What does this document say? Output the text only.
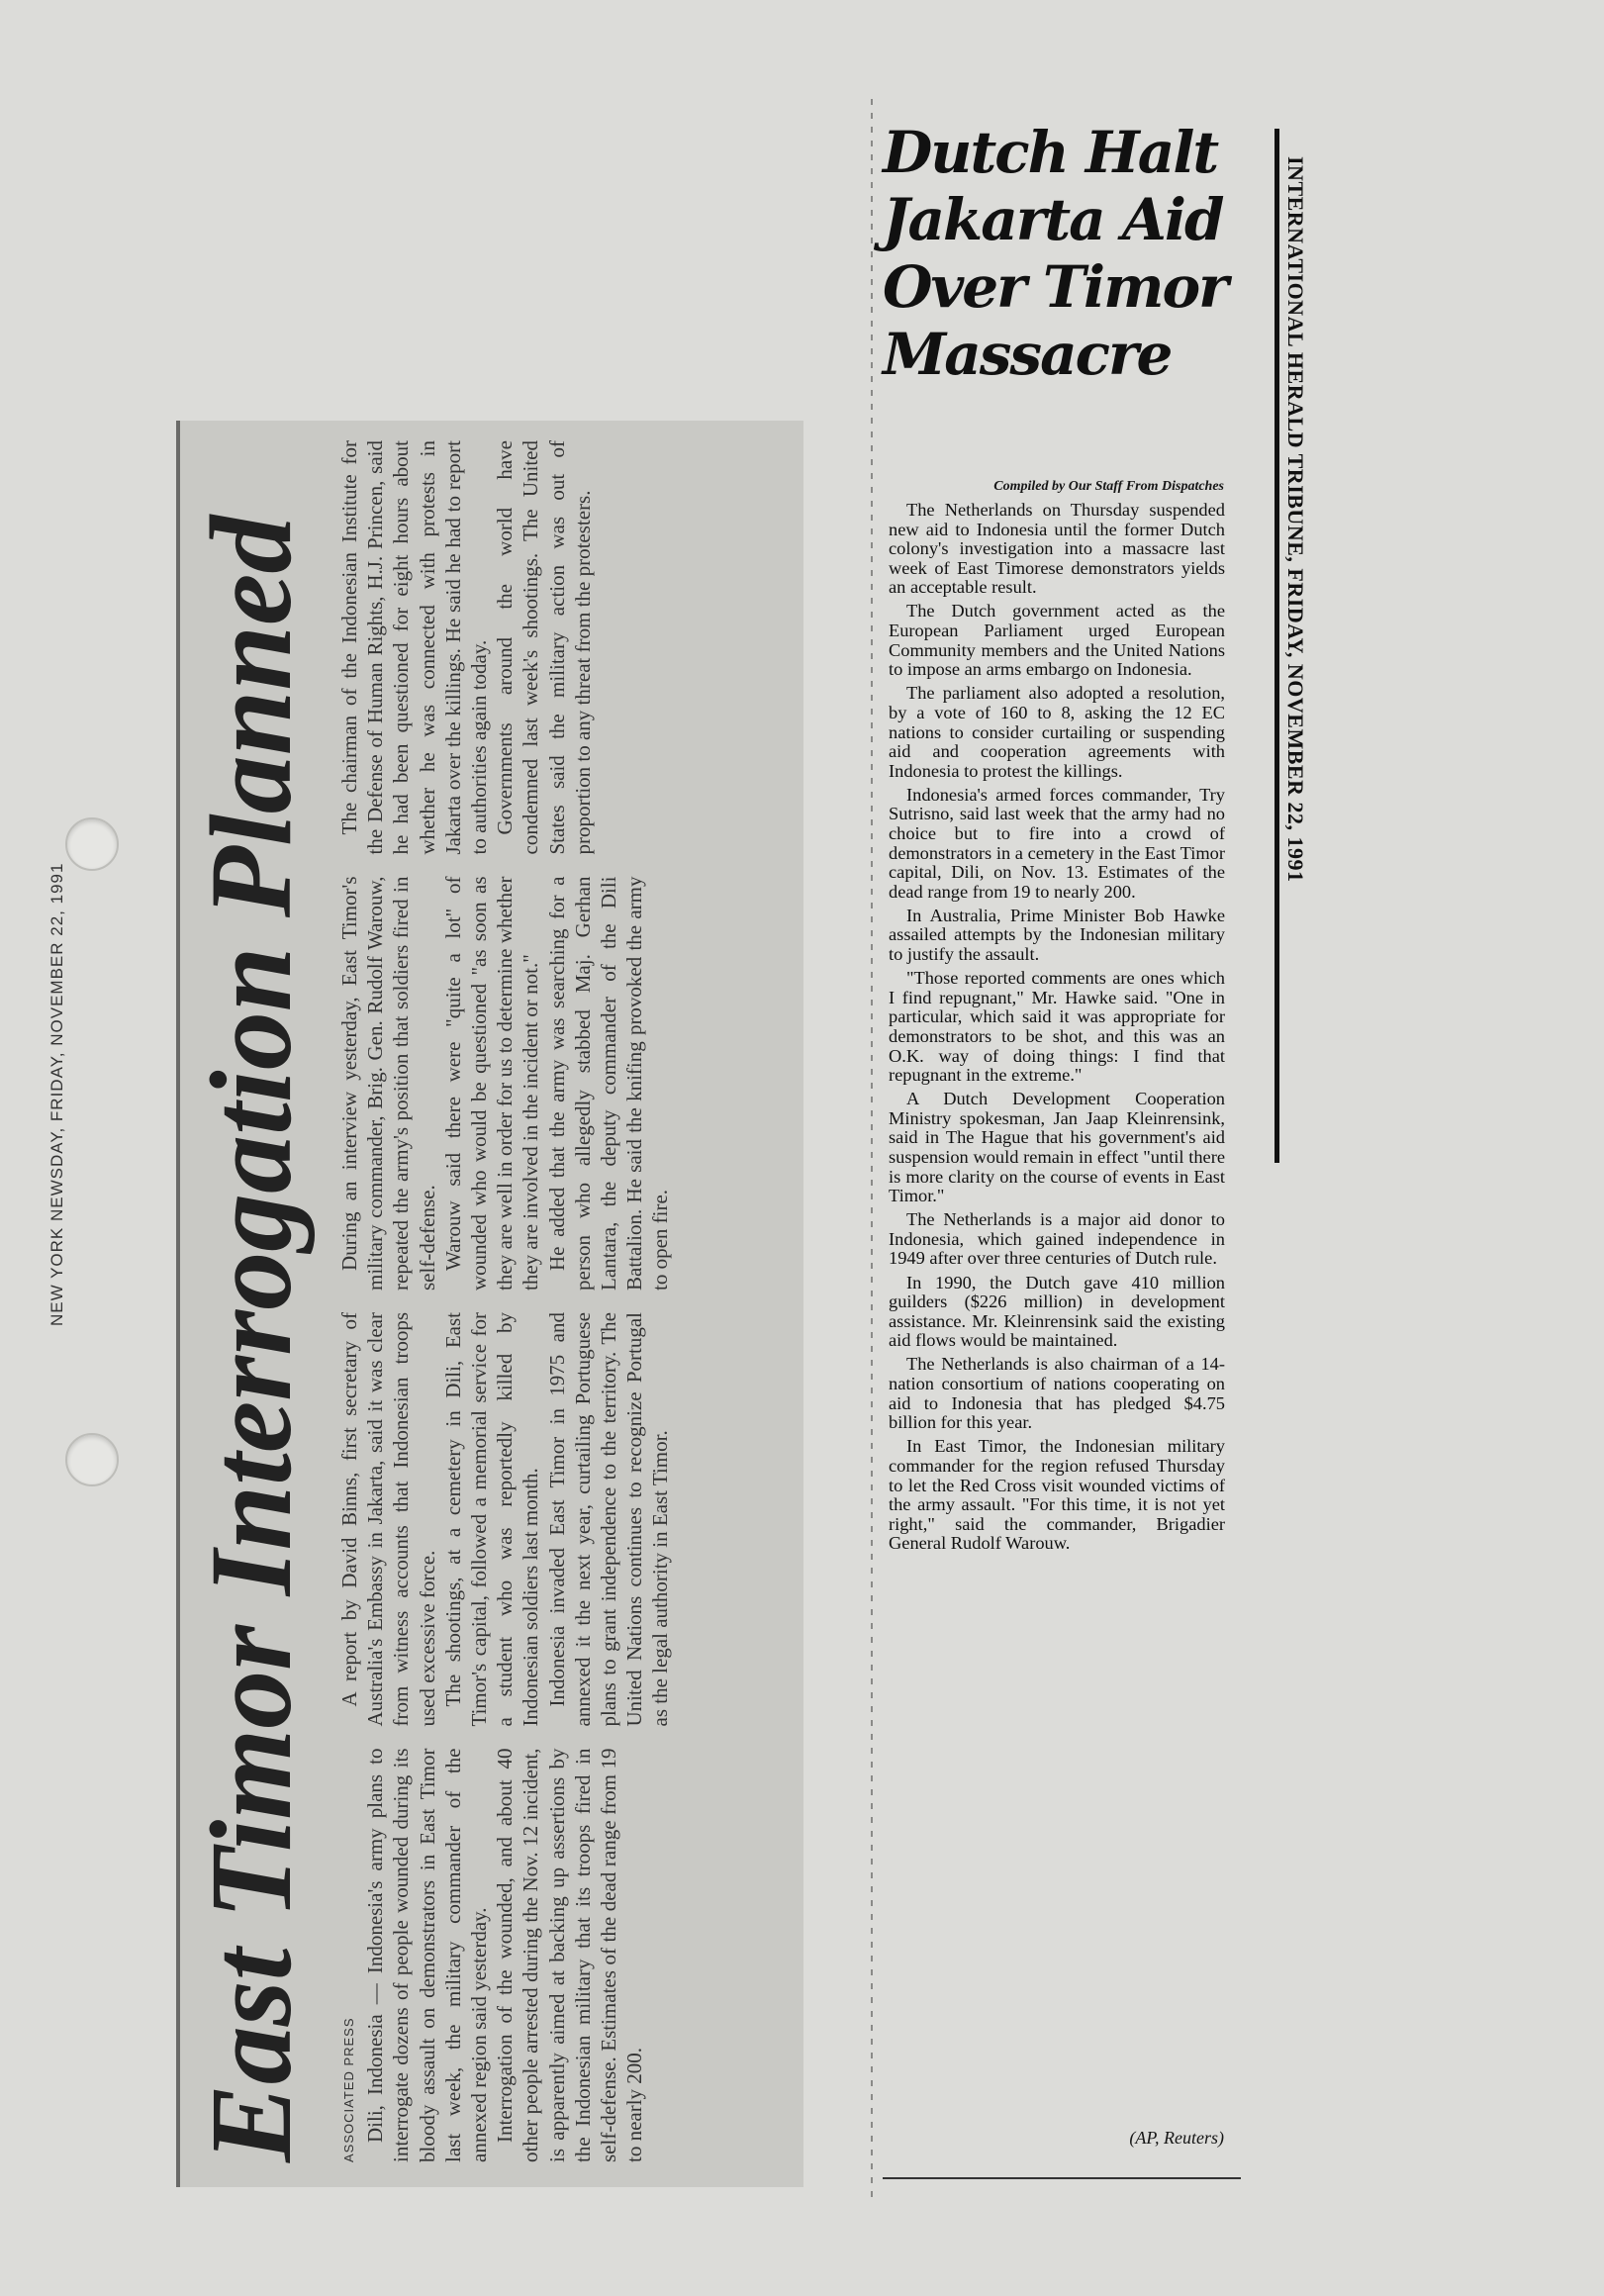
NEW YORK NEWSDAY, FRIDAY, NOVEMBER 22, 1991 East Timor Interrogation Planned	ASSOCIATED PRESS Dili, Indonesia — Indonesia's army plans to interrogate dozens of people wounded during its bloody assault on demonstrators in East Timor last week, the military commander of the annexed region said yesterday. Interrogation of the wounded, and about 40 other people arrested during the Nov. 12 incident, is apparently aimed at backing up assertions by the Indonesian military that its troops fired in self-defense. Estimates of the dead range from 19 to nearly 200.

A report by David Binns, first secretary of Australia's Embassy in Jakarta, said it was clear from witness accounts that Indonesian troops used excessive force. The shootings, at a cemetery in Dili, East Timor's capital, followed a memorial service for a student who was reportedly killed by Indonesian soldiers last month. Indonesia invaded East Timor in 1975 and annexed it the next year, curtailing Portuguese plans to grant independence to the territory. The United Nations continues to recognize Portugal as the legal authority in East Timor.

During an interview yesterday, East Timor's military commander, Brig. Gen. Rudolf Warouw, repeated the army's position that soldiers fired in self-defense. Warouw said there were "quite a lot" of wounded who would be questioned "as soon as they are well in order for us to determine whether they are involved in the incident or not." He added that the army was searching for a person who allegedly stabbed Maj. Gerhan Lantara, the deputy commander of the Dili Battalion. He said the knifing provoked the army to open fire.

The chairman of the Indonesian Institute for the Defense of Human Rights, H.J. Princen, said he had been questioned for eight hours about whether he was connected with protests in Jakarta over the killings. He said he had to report to authorities again today. Governments around the world have condemned last week's shootings. The United States said the military action was out of proportion to any threat from the protesters.

Dutch Halt
Jakarta Aid
Over Timor
Massacre
Compiled by Our Staff From Dispatches

The Netherlands on Thursday suspended new aid to Indonesia until the former Dutch colony's investigation into a massacre last week of East Timorese demonstrators yields an acceptable result.

The Dutch government acted as the European Parliament urged European Community members and the United Nations to impose an arms embargo on Indonesia.

The parliament also adopted a resolution, by a vote of 160 to 8, asking the 12 EC nations to consider curtailing or suspending aid and cooperation agreements with Indonesia to protest the killings.

Indonesia's armed forces commander, Try Sutrisno, said last week that the army had no choice but to fire into a crowd of demonstrators in a cemetery in the East Timor capital, Dili, on Nov. 13. Estimates of the dead range from 19 to nearly 200.

In Australia, Prime Minister Bob Hawke assailed attempts by the Indonesian military to justify the assault.

"Those reported comments are ones which I find repugnant," Mr. Hawke said. "One in particular, which said it was appropriate for demonstrators to be shot, and this was an O.K. way of doing things: I find that repugnant in the extreme."

A Dutch Development Cooperation Ministry spokesman, Jan Jaap Kleinrensink, said in The Hague that his government's aid suspension would remain in effect "until there is more clarity on the course of events in East Timor."

The Netherlands is a major aid donor to Indonesia, which gained independence in 1949 after over three centuries of Dutch rule.

In 1990, the Dutch gave 410 million guilders ($226 million) in development assistance. Mr. Kleinrensink said the existing aid flows would be maintained.

The Netherlands is also chairman of a 14-nation consortium of nations cooperating on aid to Indonesia that has pledged $4.75 billion for this year.

In East Timor, the Indonesian military commander for the region refused Thursday to let the Red Cross visit wounded victims of the army assault. "For this time, it is not yet right," said the commander, Brigadier General Rudolf Warouw.

(AP, Reuters)
INTERNATIONAL HERALD TRIBUNE, FRIDAY, NOVEMBER 22, 1991
